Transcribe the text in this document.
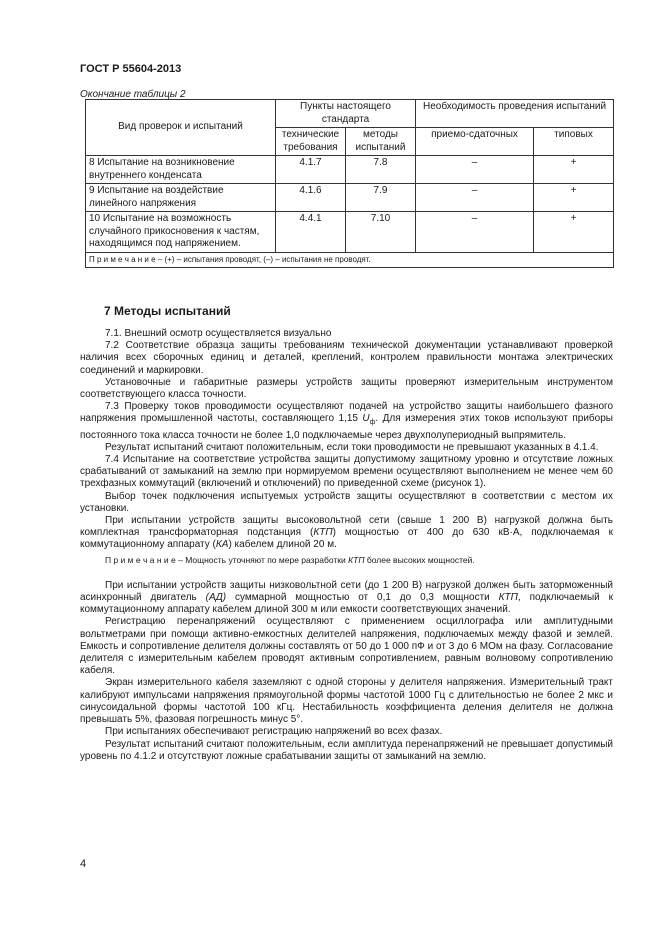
ГОСТ Р 55604-2013
Окончание таблицы 2
Вид проверок и испытаний	Пункты настоящего стандарта		Необходимость проведения испытаний	
	технические требования	методы испытаний	приемо-сдаточных	типовых
8 Испытание на возникновение внутреннего конденсата	4.1.7	7.8	–	+
9 Испытание на воздействие линейного напряжения	4.1.6	7.9	–	+
10 Испытание на возможность случайного прикосновения к частям, находящимся под напряжением.	4.4.1	7.10	–	+
П р и м е ч а н и е – (+) – испытания проводят, (–) – испытания не проводят.				
7 Методы испытаний

7.1. Внешний осмотр осуществляется визуально

7.2 Соответствие образца защиты требованиям технической документации устанавливают проверкой наличия всех сборочных единиц и деталей, креплений, контролем правильности монтажа электрических соединений и маркировки.

Установочные и габаритные размеры устройств защиты проверяют измерительным инструментом соответствующего класса точности.

7.3 Проверку токов проводимости осуществляют подачей на устройство защиты наибольшего фазного напряжения промышленной частоты, составляющего 1,15 $U_ф$. Для измерения этих токов используют приборы постоянного тока класса точности не более 1,0 подключаемые через двухполупериодный выпрямитель.

Результат испытаний считают положительным, если токи проводимости не превышают указанных в 4.1.4.

7.4 Испытание на соответствие устройства защиты допустимому защитному уровню и отсутствие ложных срабатываний от замыканий на землю при нормируемом времени осуществляют выполнением не менее чем 60 трехфазных коммутаций (включений и отключений) по приведенной схеме (рисунок 1).

Выбор точек подключения испытуемых устройств защиты осуществляют в соответствии с местом их установки.

При испытании устройств защиты высоковольтной сети (свыше 1 200 В) нагрузкой должна быть комплектная трансформаторная подстанция (КТП) мощностью от 400 до 630 кВ·А, подключаемая к коммутационному аппарату (КА) кабелем длиной 20 м.

П р и м е ч а н и е – Мощность уточняют по мере разработки КТП более высоких мощностей.

При испытании устройств защиты низковольтной сети (до 1 200 В) нагрузкой должен быть заторможенный асинхронный двигатель (АД) суммарной мощностью от 0,1 до 0,3 мощности КТП, подключаемый к коммутационному аппарату кабелем длиной 300 м или емкости соответствующих значений.

Регистрацию перенапряжений осуществляют с применением осциллографа или амплитудными вольтметрами при помощи активно-емкостных делителей напряжения, подключаемых между фазой и землей. Емкость и сопротивление делителя должны составлять от 50 до 1 000 пФ и от 3 до 6 МОм на фазу. Согласование делителя с измерительным кабелем проводят активным сопротивлением, равным волновому сопротивлению кабеля.

Экран измерительного кабеля заземляют с одной стороны у делителя напряжения. Измерительный тракт калибруют импульсами напряжения прямоугольной формы частотой 1000 Гц с длительностью не более 2 мкс и синусоидальной формы частотой 100 кГц. Нестабильность коэффициента деления делителя не должна превышать 5%, фазовая погрешность минус 5°.

При испытаниях обеспечивают регистрацию напряжений во всех фазах.

Результат испытаний считают положительным, если амплитуда перенапряжений не превышает допустимый уровень по 4.1.2 и отсутствуют ложные срабатывании защиты от замыканий на землю.

4
